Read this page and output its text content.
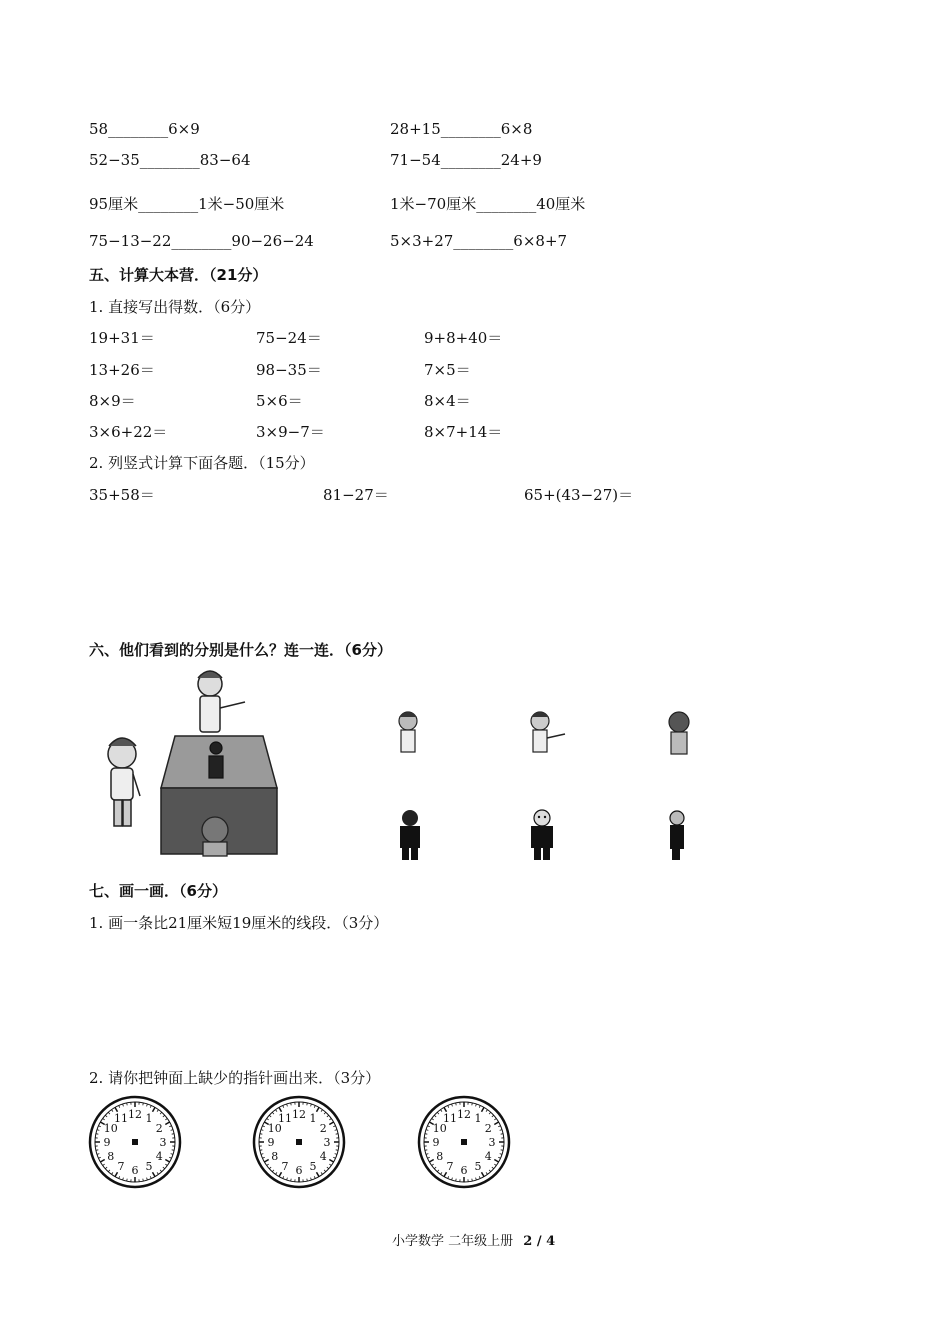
58________6×9	28+15________6×8
52−35________83−64	71−54________24+9
95厘米________1米−50厘米	1米−70厘米________40厘米
75−13−22________90−26−24	5×3+27________6×8+7
五、计算大本营．（21分）
1. 直接写出得数．（6分）
19+31＝	75−24＝	9+8+40＝
13+26＝	98−35＝	7×5＝
8×9＝	5×6＝	8×4＝
3×6+22＝	3×9−7＝	8×7+14＝
2. 列竖式计算下面各题．（15分）
35+58＝	81−27＝	65+(43−27)＝
六、他们看到的分别是什么？连一连．（6分）
七、画一画．（6分）
1. 画一条比21厘米短19厘米的线段．（3分）
2. 请你把钟面上缺少的指针画出来．（3分）
12 1
2
3
4
5
6
7
8
9
10
11	12 1
2
3
4
5
6
7
8
9
10
11	12 1
2
3
4
5
6
7
8
9
10
11
小学数学 二年级上册 2 / 4
